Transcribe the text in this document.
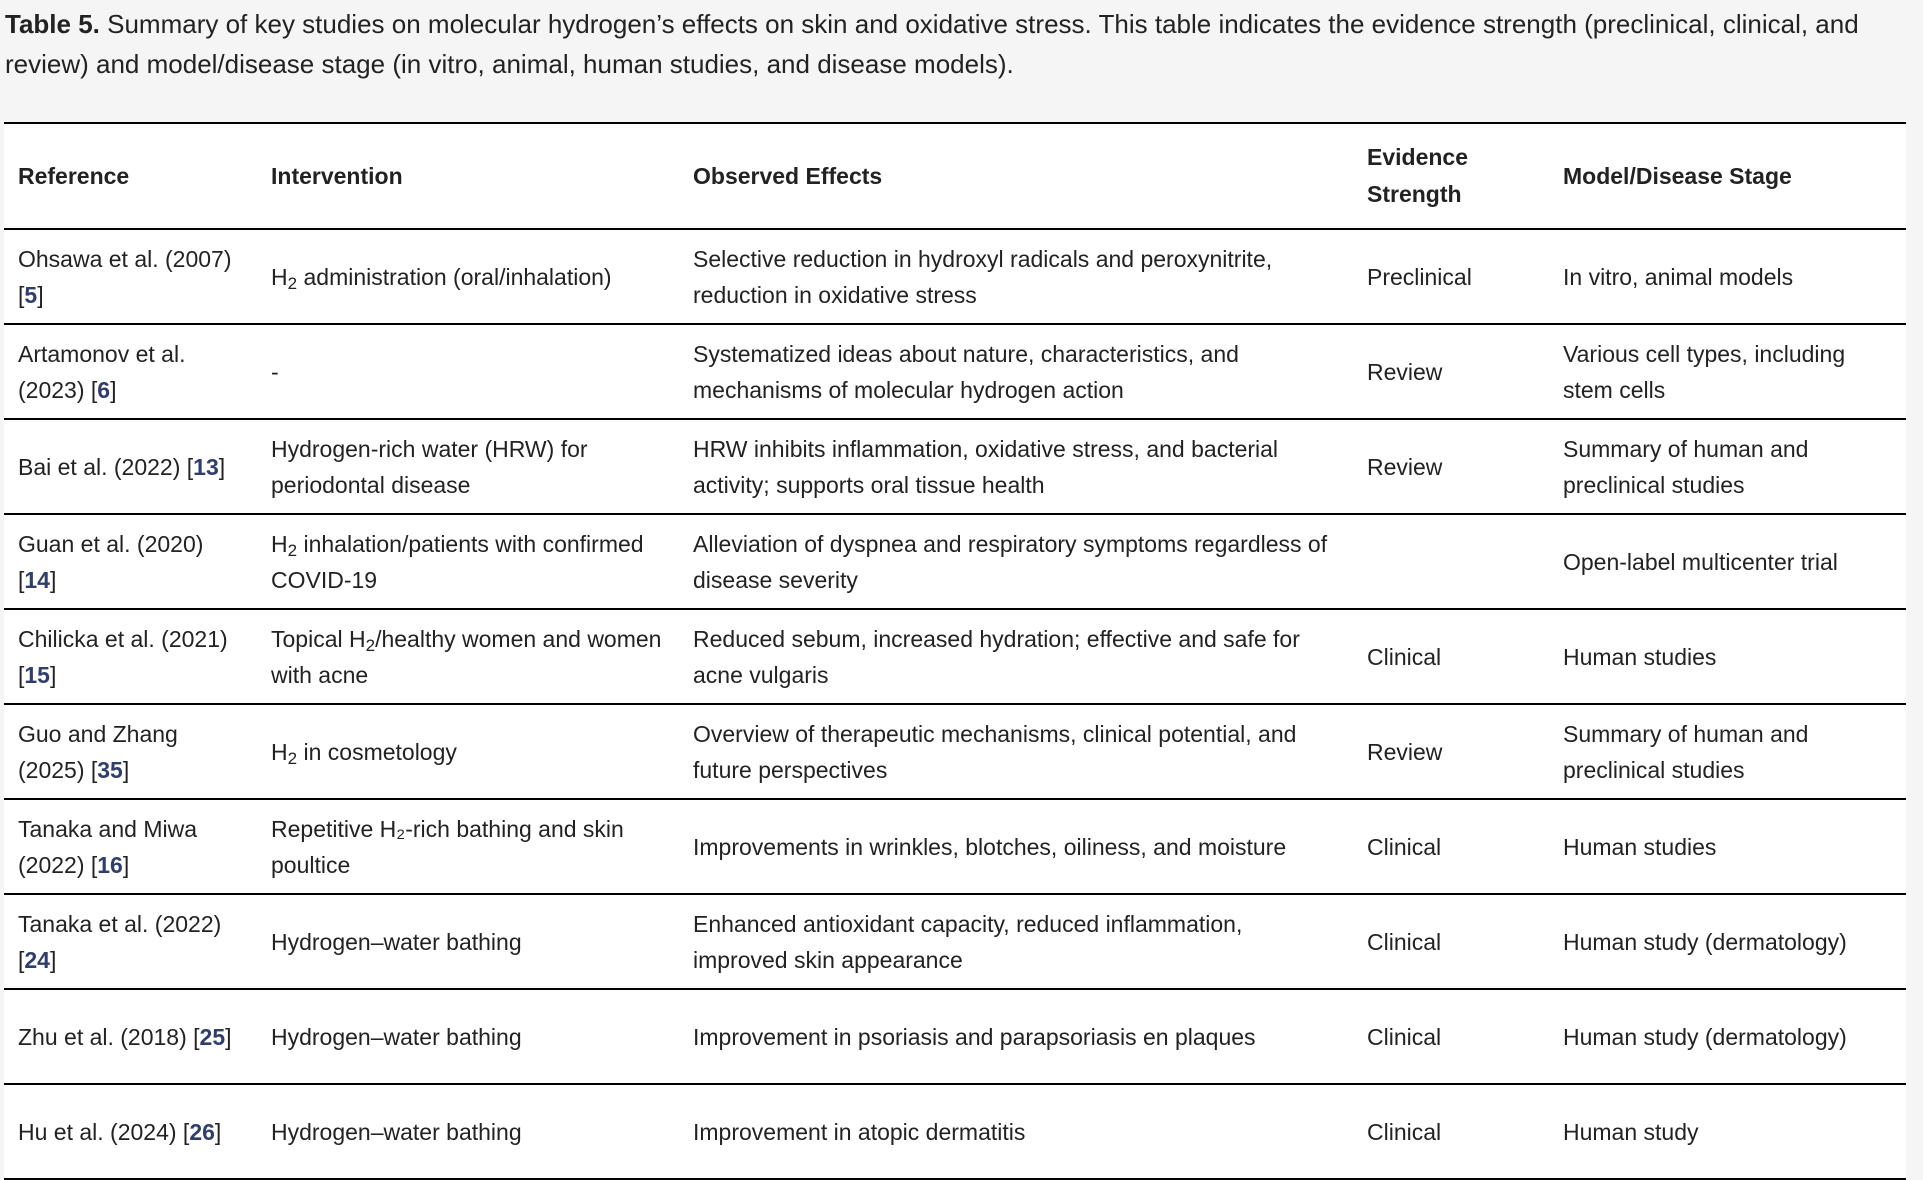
Table 5. Summary of key studies on molecular hydrogen’s effects on skin and oxidative stress. This table indicates the evidence strength (preclinical, clinical, and review) and model/disease stage (in vitro, animal, human studies, and disease models).
Reference	Intervention	Observed Effects	Evidence Strength	Model/Disease Stage
Ohsawa et al. (2007) [5]	$H_2$ administration (oral/inhalation)	Selective reduction in hydroxyl radicals and peroxynitrite, reduction in oxidative stress	Preclinical	In vitro, animal models
Artamonov et al. (2023) [6]	-	Systematized ideas about nature, characteristics, and mechanisms of molecular hydrogen action	Review	Various cell types, including stem cells
Bai et al. (2022) [13]	Hydrogen-rich water (HRW) for periodontal disease	HRW inhibits inflammation, oxidative stress, and bacterial activity; supports oral tissue health	Review	Summary of human and preclinical studies
Guan et al. (2020) [14]	$H_2$ inhalation/patients with confirmed COVID-19	Alleviation of dyspnea and respiratory symptoms regardless of disease severity		Open-label multicenter trial
Chilicka et al. (2021) [15]	Topical $H_2$/healthy women and women with acne	Reduced sebum, increased hydration; effective and safe for acne vulgaris	Clinical	Human studies
Guo and Zhang (2025) [35]	$H_2$ in cosmetology	Overview of therapeutic mechanisms, clinical potential, and future perspectives	Review	Summary of human and preclinical studies
Tanaka and Miwa (2022) [16]	Repetitive H₂-rich bathing and skin poultice	Improvements in wrinkles, blotches, oiliness, and moisture	Clinical	Human studies
Tanaka et al. (2022) [24]	Hydrogen–water bathing	Enhanced antioxidant capacity, reduced inflammation, improved skin appearance	Clinical	Human study (dermatology)
Zhu et al. (2018) [25]	Hydrogen–water bathing	Improvement in psoriasis and parapsoriasis en plaques	Clinical	Human study (dermatology)
Hu et al. (2024) [26]	Hydrogen–water bathing	Improvement in atopic dermatitis	Clinical	Human study
